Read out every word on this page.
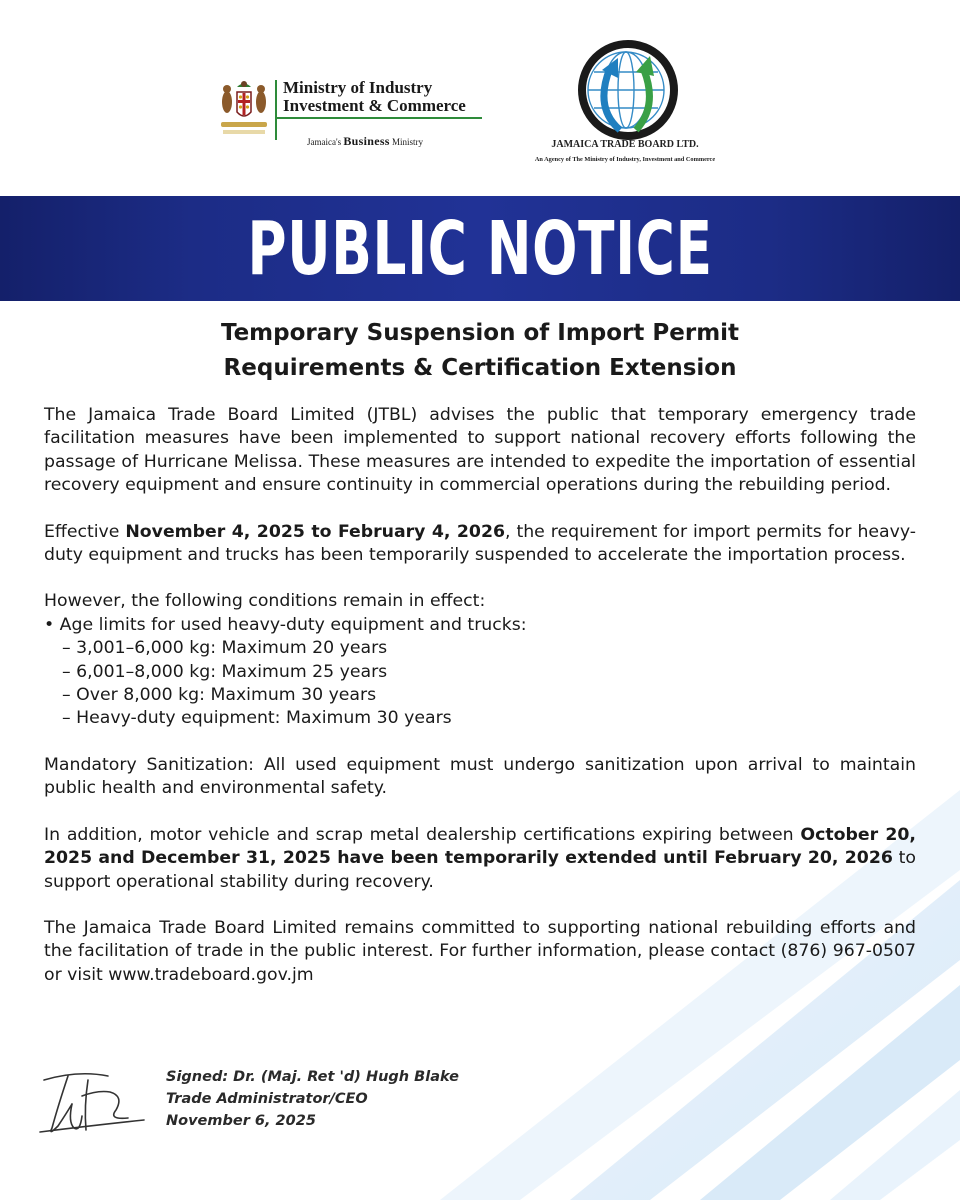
Ministry of Industry
Investment & Commerce
Jamaica's Business Ministry	JAMAICA TRADE BOARD LTD.
An Agency of The Ministry of Industry, Investment and Commerce
PUBLIC NOTICE
Temporary Suspension of Import Permit
Requirements & Certification Extension

The Jamaica Trade Board Limited (JTBL) advises the public that temporary emergency trade facilitation measures have been implemented to support national recovery efforts following the passage of Hurricane Melissa. These measures are intended to expedite the importation of essential recovery equipment and ensure continuity in commercial operations during the rebuilding period.

Effective November 4, 2025 to February 4, 2026, the requirement for import permits for heavy-duty equipment and trucks has been temporarily suspended to accelerate the importation process.

However, the following conditions remain in effect:

• Age limits for used heavy-duty equipment and trucks:

– 3,001–6,000 kg: Maximum 20 years

– 6,001–8,000 kg: Maximum 25 years

– Over 8,000 kg: Maximum 30 years

– Heavy-duty equipment: Maximum 30 years

Mandatory Sanitization: All used equipment must undergo sanitization upon arrival to maintain public health and environmental safety.

In addition, motor vehicle and scrap metal dealership certifications expiring between October 20, 2025 and December 31, 2025 have been temporarily extended until February 20, 2026 to support operational stability during recovery.

The Jamaica Trade Board Limited remains committed to supporting national rebuilding efforts and the facilitation of trade in the public interest. For further information, please contact (876) 967-0507 or visit www.tradeboard.gov.jm

Signed: Dr. (Maj. Ret 'd) Hugh Blake
Trade Administrator/CEO
November 6, 2025
